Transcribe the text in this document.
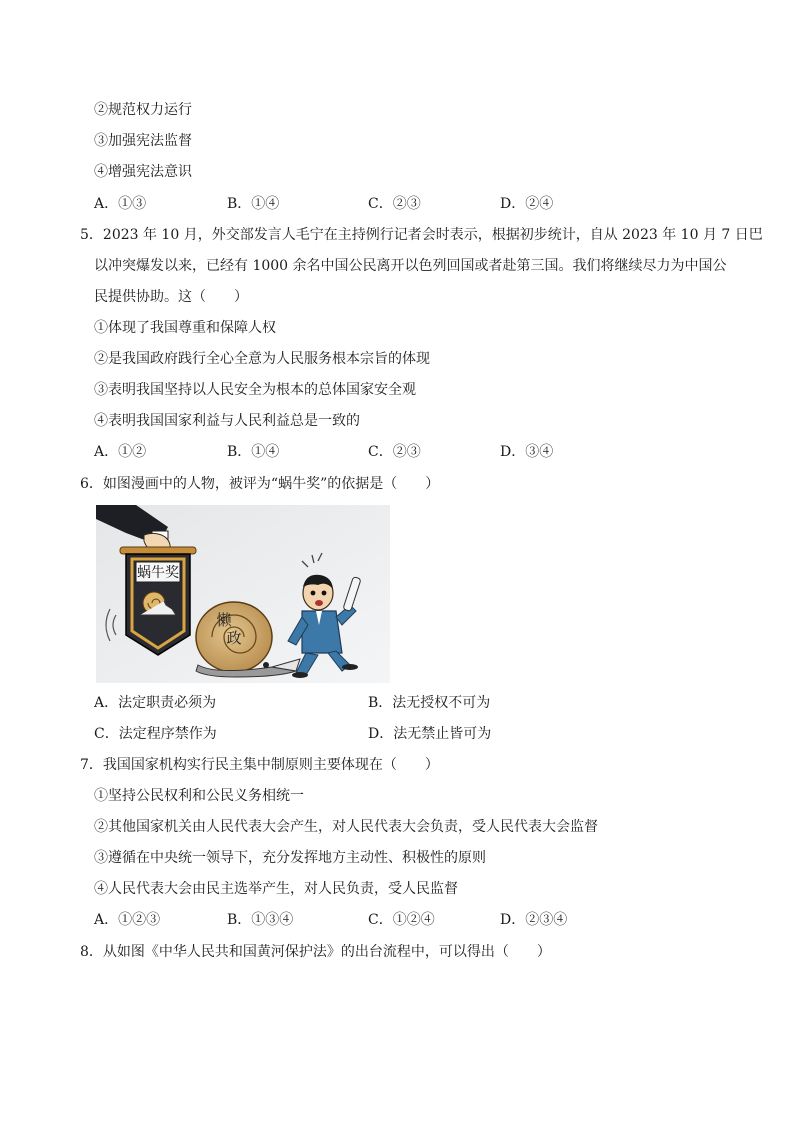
②规范权力运行
③加强宪法监督
④增强宪法意识
A．①③	B．①④	C．②③	D．②④
5．2023 年 10 月，外交部发言人毛宁在主持例行记者会时表示，根据初步统计，自从 2023 年 10 月 7 日巴
以冲突爆发以来，已经有 1000 余名中国公民离开以色列回国或者赴第三国。我们将继续尽力为中国公
民提供协助。这（　　）
①体现了我国尊重和保障人权
②是我国政府践行全心全意为人民服务根本宗旨的体现
③表明我国坚持以人民安全为根本的总体国家安全观
④表明我国国家利益与人民利益总是一致的
A．①②	B．①④	C．②③	D．③④
6．如图漫画中的人物，被评为“蜗牛奖”的依据是（　　）
蜗牛奖
懒
政
A．法定职责必须为	B．法无授权不可为
C．法定程序禁作为	D．法无禁止皆可为
7．我国国家机构实行民主集中制原则主要体现在（　　）
①坚持公民权利和公民义务相统一
②其他国家机关由人民代表大会产生，对人民代表大会负责，受人民代表大会监督
③遵循在中央统一领导下，充分发挥地方主动性、积极性的原则
④人民代表大会由民主选举产生，对人民负责，受人民监督
A．①②③	B．①③④	C．①②④	D．②③④
8．从如图《中华人民共和国黄河保护法》的出台流程中，可以得出（　　）
